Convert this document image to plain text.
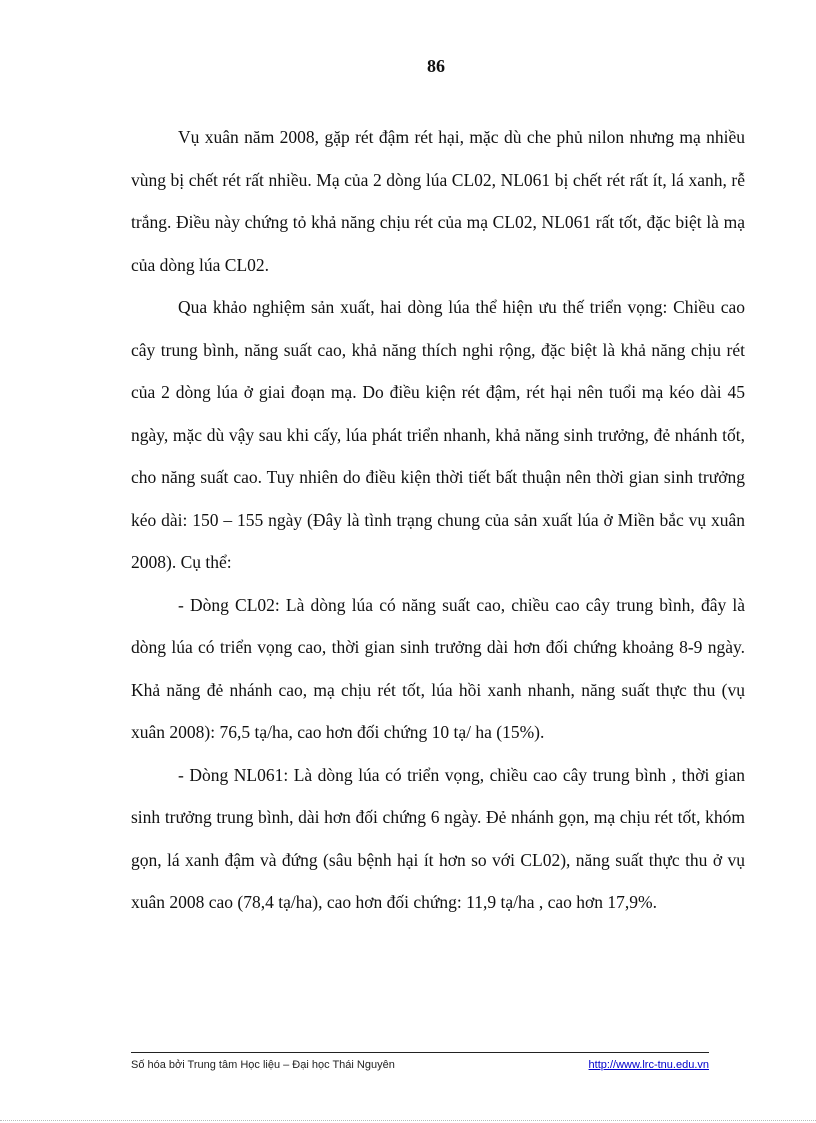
86

Vụ xuân năm 2008, gặp rét đậm rét hại, mặc dù che phủ nilon nhưng mạ nhiều vùng bị chết rét rất nhiều. Mạ của 2 dòng lúa CL02, NL061 bị chết rét rất ít, lá xanh, rễ trắng. Điều này chứng tỏ khả năng chịu rét của mạ CL02, NL061 rất tốt, đặc biệt là mạ của dòng lúa CL02.

Qua khảo nghiệm sản xuất, hai dòng lúa thể hiện ưu thế triển vọng: Chiều cao cây trung bình, năng suất cao, khả năng thích nghi rộng, đặc biệt là khả năng chịu rét của 2 dòng lúa ở giai đoạn mạ. Do điều kiện rét đậm, rét hại nên tuổi mạ kéo dài 45 ngày, mặc dù vậy sau khi cấy, lúa phát triển nhanh, khả năng sinh trưởng, đẻ nhánh tốt, cho năng suất cao. Tuy nhiên do điều kiện thời tiết bất thuận nên thời gian sinh trưởng kéo dài: 150 – 155 ngày (Đây là tình trạng chung của sản xuất lúa ở Miền bắc vụ xuân 2008). Cụ thể:

- Dòng CL02: Là dòng lúa có năng suất cao, chiều cao cây trung bình, đây là dòng lúa có triển vọng cao, thời gian sinh trưởng dài hơn đối chứng khoảng 8-9 ngày. Khả năng đẻ nhánh cao, mạ chịu rét tốt, lúa hồi xanh nhanh, năng suất thực thu (vụ xuân 2008): 76,5 tạ/ha, cao hơn đối chứng 10 tạ/ ha (15%).

- Dòng NL061: Là dòng lúa có triển vọng, chiều cao cây trung bình , thời gian sinh trưởng trung bình, dài hơn đối chứng 6 ngày. Đẻ nhánh gọn, mạ chịu rét tốt, khóm gọn, lá xanh đậm và đứng (sâu bệnh hại ít hơn so với CL02), năng suất thực thu ở vụ xuân 2008 cao (78,4 tạ/ha), cao hơn đối chứng: 11,9 tạ/ha , cao hơn 17,9%.

Số hóa bởi Trung tâm Học liệu – Đại học Thái Nguyên	http://www.lrc-tnu.edu.vn
